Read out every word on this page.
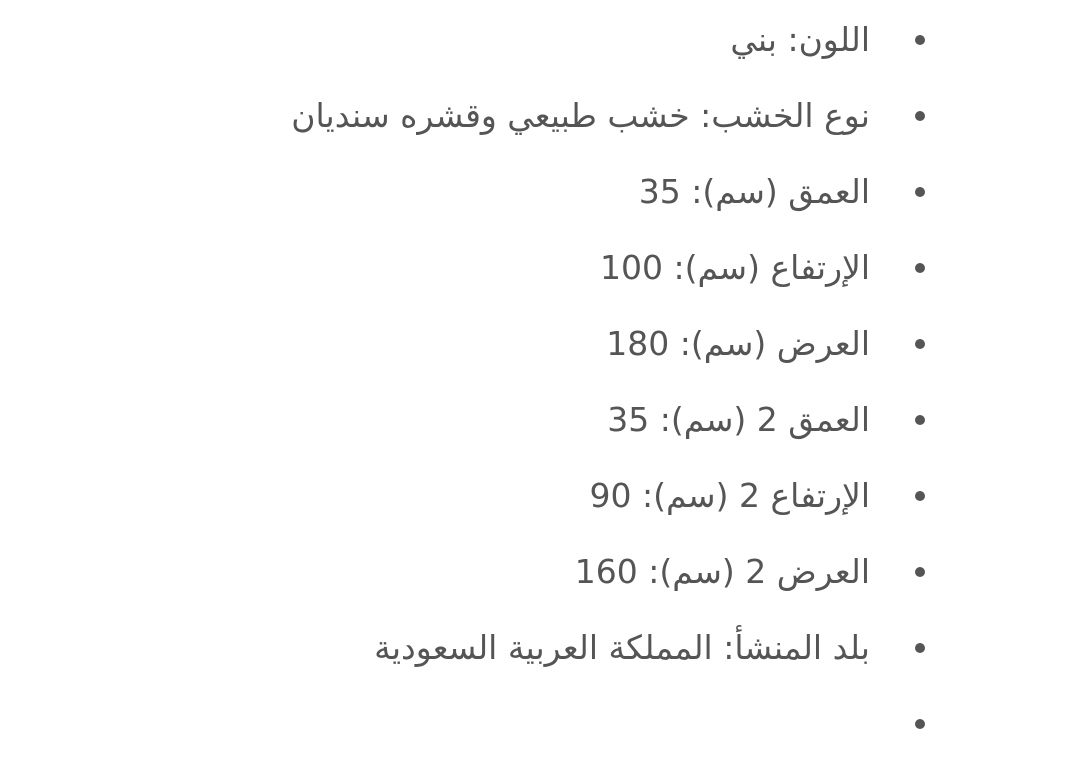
اللون: بني
نوع الخشب: خشب طبيعي وقشره سنديان
العمق (سم): 35
الإرتفاع (سم): 100
العرض (سم): 180
العمق 2 (سم): 35
الإرتفاع 2 (سم): 90
العرض 2 (سم): 160
بلد المنشأ: المملكة العربية السعودية
